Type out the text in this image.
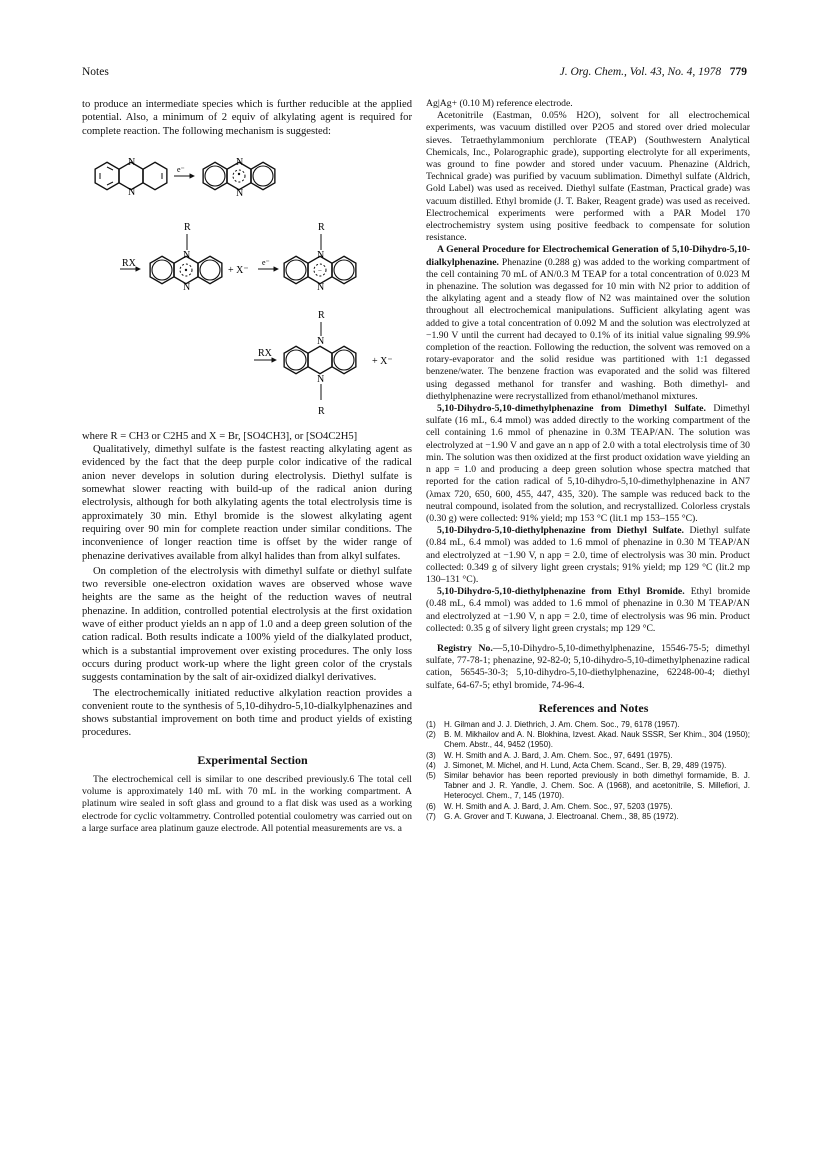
Notes	J. Org. Chem., Vol. 43, No. 4, 1978 779

to produce an intermediate species which is further reducible at the applied potential. Also, a minimum of 2 equiv of alkylating agent is required for complete reaction. The following mechanism is suggested:

N
N
e⁻
N
N
R
RX
N
N
+ X⁻
e⁻
R
−
N
N
R
RX
N
N
+ X⁻
R

where R = CH3 or C2H5 and X = Br, [SO4CH3], or [SO4C2H5]

Qualitatively, dimethyl sulfate is the fastest reacting alkylating agent as evidenced by the fact that the deep purple color indicative of the radical anion never develops in solution during electrolysis. Diethyl sulfate is somewhat slower reacting with build-up of the radical anion during electrolysis, although for both alkylating agents the total electrolysis time is approximately 30 min. Ethyl bromide is the slowest alkylating agent requiring over 90 min for complete reaction under similar conditions. The inconvenience of longer reaction time is offset by the wider range of phenazine derivatives available from alkyl halides than from alkyl sulfates.

On completion of the electrolysis with dimethyl sulfate or diethyl sulfate two reversible one-electron oxidation waves are observed whose wave heights are the same as the height of the reduction waves of neutral phenazine. In addition, controlled potential electrolysis at the first oxidation wave of either product yields an n app of 1.0 and a deep green solution of the cation radical. Both results indicate a 100% yield of the dialkylated product, which is a substantial improvement over existing procedures. The only loss occurs during product work-up where the light green color of the crystals suggests contamination by the salt of air-oxidized dialkyl derivatives.

The electrochemically initiated reductive alkylation reaction provides a convenient route to the synthesis of 5,10-dihydro-5,10-dialkylphenazines and shows substantial improvement on both time and product yields of existing procedures.

Experimental Section

The electrochemical cell is similar to one described previously.6 The total cell volume is approximately 140 mL with 70 mL in the working compartment. A platinum wire sealed in soft glass and ground to a flat disk was used as a working electrode for cyclic voltammetry. Controlled potential coulometry was carried out on a large surface area platinum gauze electrode. All potential measurements are vs. a

Ag|Ag+ (0.10 M) reference electrode.

Acetonitrile (Eastman, 0.05% H2O), solvent for all electrochemical experiments, was vacuum distilled over P2O5 and stored over dried molecular sieves. Tetraethylammonium perchlorate (TEAP) (Southwestern Analytical Chemicals, Inc., Polarographic grade), supporting electrolyte for all experiments, was ground to fine powder and stored under vacuum. Phenazine (Aldrich, Technical grade) was purified by vacuum sublimation. Dimethyl sulfate (Aldrich, Gold Label) was used as received. Diethyl sulfate (Eastman, Practical grade) was vacuum distilled. Ethyl bromide (J. T. Baker, Reagent grade) was used as received. Electrochemical experiments were performed with a PAR Model 170 electrochemistry system using positive feedback to compensate for solution resistance.

A General Procedure for Electrochemical Generation of 5,10-Dihydro-5,10-dialkylphenazine. Phenazine (0.288 g) was added to the working compartment of the cell containing 70 mL of AN/0.3 M TEAP for a total concentration of 0.023 M in phenazine. The solution was degassed for 10 min with N2 prior to addition of the alkylating agent and a steady flow of N2 was maintained over the solution throughout all electrochemical manipulations. Sufficient alkylating agent was added to give a total concentration of 0.092 M and the solution was electrolyzed at −1.90 V until the current had decayed to 0.1% of its initial value signaling 99.9% completion of the reaction. Following the reduction, the solvent was removed on a rotary-evaporator and the solid residue was partitioned with 1:1 degassed benzene/water. The benzene fraction was evaporated and the solid was filtered using degassed methanol for transfer and washing. Both dimethyl- and diethylphenazine were recrystallized from ethanol/methanol mixtures.

5,10-Dihydro-5,10-dimethylphenazine from Dimethyl Sulfate. Dimethyl sulfate (16 mL, 6.4 mmol) was added directly to the working compartment of the cell containing 1.6 mmol of phenazine in 0.3M TEAP/AN. The solution was electrolyzed at −1.90 V and gave an n app of 2.0 with a total electrolysis time of 30 min. The solution was then oxidized at the first product oxidation wave yielding an n app = 1.0 and producing a deep green solution whose spectra matched that reported for the cation radical of 5,10-dihydro-5,10-dimethylphenazine in AN7 (λmax 720, 650, 600, 455, 447, 435, 320). The sample was reduced back to the neutral compound, isolated from the solution, and recrystallized. Colorless crystals (0.30 g) were collected: 91% yield; mp 153 °C (lit.1 mp 153–155 °C).

5,10-Dihydro-5,10-diethylphenazine from Diethyl Sulfate. Diethyl sulfate (0.84 mL, 6.4 mmol) was added to 1.6 mmol of phenazine in 0.30 M TEAP/AN and electrolyzed at −1.90 V, n app = 2.0, time of electrolysis was 30 min. Product collected: 0.349 g of silvery light green crystals; 91% yield; mp 129 °C (lit.2 mp 130–131 °C).

5,10-Dihydro-5,10-diethylphenazine from Ethyl Bromide. Ethyl bromide (0.48 mL, 6.4 mmol) was added to 1.6 mmol of phenazine in 0.30 M TEAP/AN and electrolyzed at −1.90 V, n app = 2.0, time of electrolysis was 96 min. Product collected: 0.35 g of silvery light green crystals; mp 129 °C.

Registry No.—5,10-Dihydro-5,10-dimethylphenazine, 15546-75-5; dimethyl sulfate, 77-78-1; phenazine, 92-82-0; 5,10-dihydro-5,10-dimethylphenazine radical cation, 56545-30-3; 5,10-dihydro-5,10-diethylphenazine, 62248-00-4; diethyl sulfate, 64-67-5; ethyl bromide, 74-96-4.

References and Notes

(1) H. Gilman and J. J. Diethrich, J. Am. Chem. Soc., 79, 6178 (1957).
(2) B. M. Mikhailov and A. N. Blokhina, Izvest. Akad. Nauk SSSR, Ser Khim., 304 (1950); Chem. Abstr., 44, 9452 (1950).
(3) W. H. Smith and A. J. Bard, J. Am. Chem. Soc., 97, 6491 (1975).
(4) J. Simonet, M. Michel, and H. Lund, Acta Chem. Scand., Ser. B, 29, 489 (1975).
(5) Similar behavior has been reported previously in both dimethyl formamide, B. J. Tabner and J. R. Yandle, J. Chem. Soc. A (1968), and acetonitrile, S. Millefiori, J. Heterocycl. Chem., 7, 145 (1970).
(6) W. H. Smith and A. J. Bard, J. Am. Chem. Soc., 97, 5203 (1975).
(7) G. A. Grover and T. Kuwana, J. Electroanal. Chem., 38, 85 (1972).
